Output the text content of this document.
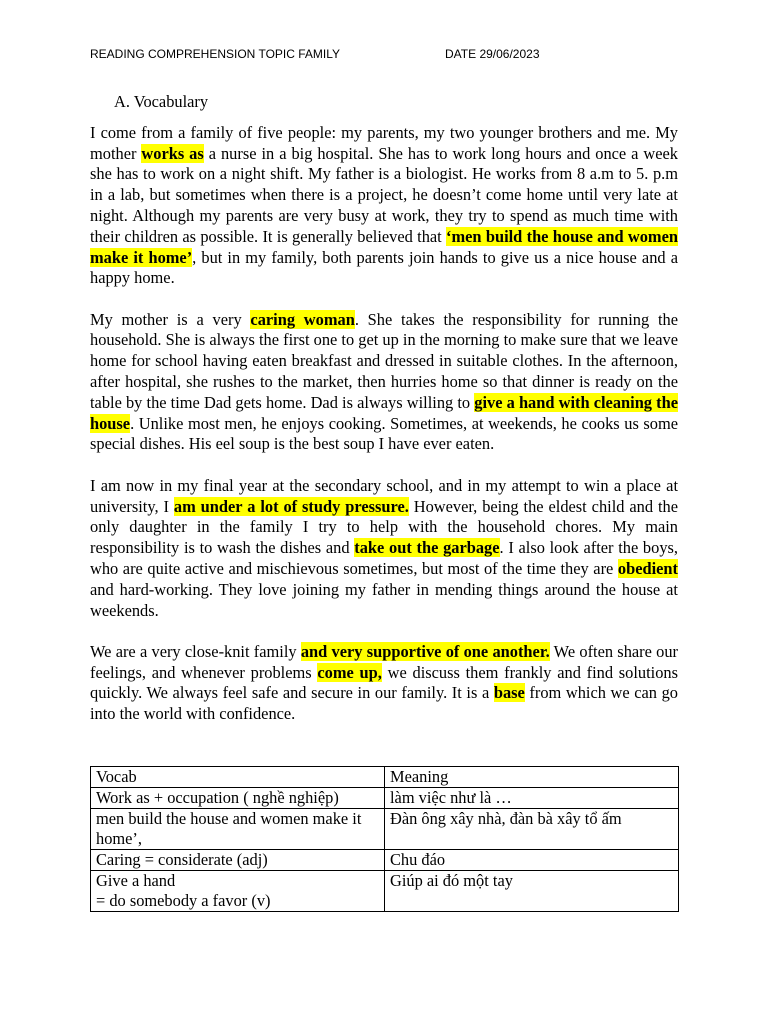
READING COMPREHENSION TOPIC FAMILY	DATE 29/06/2023
A. Vocabulary

I come from a family of five people: my parents, my two younger brothers and me. My mother works as a nurse in a big hospital. She has to work long hours and once a week she has to work on a night shift. My father is a biologist. He works from 8 a.m to 5. p.m in a lab, but sometimes when there is a project, he doesn’t come home until very late at night. Although my parents are very busy at work, they try to spend as much time with their children as possible. It is generally believed that ‘men build the house and women make it home’, but in my family, both parents join hands to give us a nice house and a happy home.

My mother is a very caring woman. She takes the responsibility for running the household. She is always the first one to get up in the morning to make sure that we leave home for school having eaten breakfast and dressed in suitable clothes. In the afternoon, after hospital, she rushes to the market, then hurries home so that dinner is ready on the table by the time Dad gets home. Dad is always willing to give a hand with cleaning the house. Unlike most men, he enjoys cooking. Sometimes, at weekends, he cooks us some special dishes. His eel soup is the best soup I have ever eaten.

I am now in my final year at the secondary school, and in my attempt to win a place at university, I am under a lot of study pressure. However, being the eldest child and the only daughter in the family I try to help with the household chores. My main responsibility is to wash the dishes and take out the garbage. I also look after the boys, who are quite active and mischievous sometimes, but most of the time they are obedient and hard-working. They love joining my father in mending things around the house at weekends.

We are a very close-knit family and very supportive of one another. We often share our feelings, and whenever problems come up, we discuss them frankly and find solutions quickly. We always feel safe and secure in our family. It is a base from which we can go into the world with confidence.

Vocab	Meaning
Work as + occupation ( nghề nghiệp)	làm việc như là …
men build the house and women make it home’,	Đàn ông xây nhà, đàn bà xây tổ ấm
Caring = considerate (adj)	Chu đáo
Give a hand
= do somebody a favor (v)	Giúp ai đó một tay
